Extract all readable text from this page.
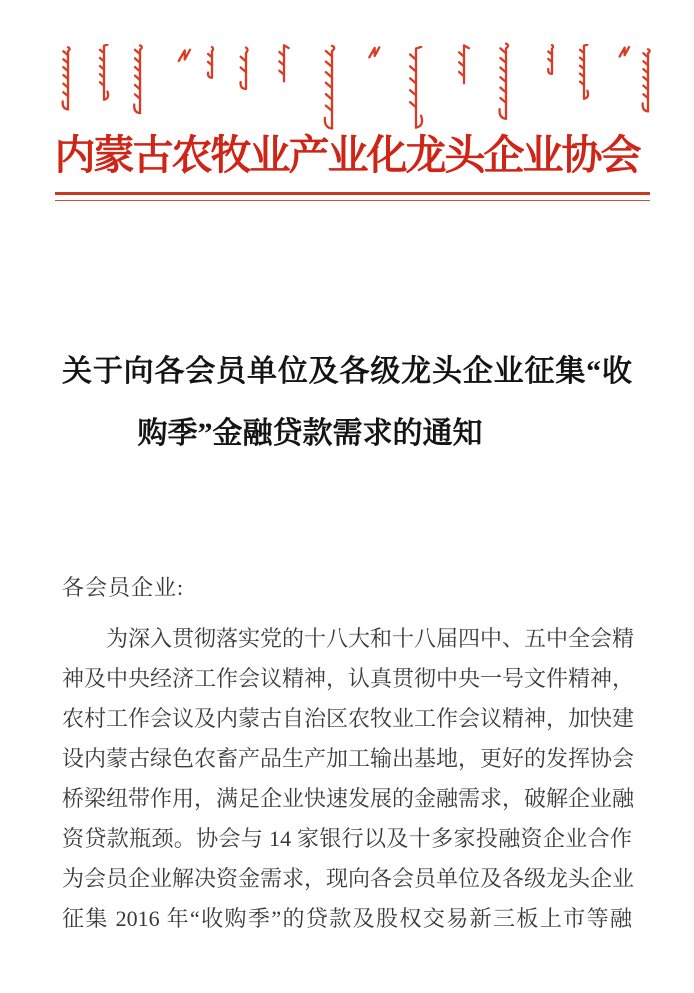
内蒙古农牧业产业化龙头企业协会
关于向各会员单位及各级龙头企业征集“收
购季”金融贷款需求的通知
各会员企业:
　　为深入贯彻落实党的十八大和十八届四中、五中全会精
神及中央经济工作会议精神，认真贯彻中央一号文件精神，
农村工作会议及内蒙古自治区农牧业工作会议精神，加快建
设内蒙古绿色农畜产品生产加工输出基地，更好的发挥协会
桥梁纽带作用，满足企业快速发展的金融需求，破解企业融
资贷款瓶颈。协会与 14 家银行以及十多家投融资企业合作
为会员企业解决资金需求，现向各会员单位及各级龙头企业
征集 2016 年“收购季”的贷款及股权交易新三板上市等融
